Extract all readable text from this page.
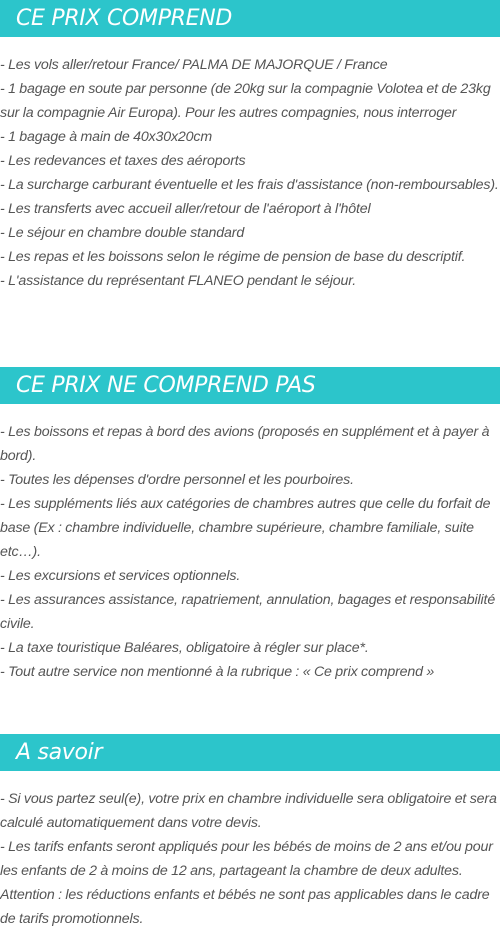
CE PRIX COMPREND

- Les vols aller/retour France/ PALMA DE MAJORQUE / France

- 1 bagage en soute par personne (de 20kg sur la compagnie Volotea et de 23kg sur la compagnie Air Europa). Pour les autres compagnies, nous interroger

- 1 bagage à main de 40x30x20cm

- Les redevances et taxes des aéroports

- La surcharge carburant éventuelle et les frais d'assistance (non-remboursables).

- Les transferts avec accueil aller/retour de l'aéroport à l'hôtel

- Le séjour en chambre double standard

- Les repas et les boissons selon le régime de pension de base du descriptif.

- L'assistance du représentant FLANEO pendant le séjour.

CE PRIX NE COMPREND PAS

- Les boissons et repas à bord des avions (proposés en supplément et à payer à bord).

- Toutes les dépenses d'ordre personnel et les pourboires.

- Les suppléments liés aux catégories de chambres autres que celle du forfait de base (Ex : chambre individuelle, chambre supérieure, chambre familiale, suite etc…).

- Les excursions et services optionnels.

- Les assurances assistance, rapatriement, annulation, bagages et responsabilité civile.

- La taxe touristique Baléares, obligatoire à régler sur place*.

- Tout autre service non mentionné à la rubrique : « Ce prix comprend »

A savoir

- Si vous partez seul(e), votre prix en chambre individuelle sera obligatoire et sera calculé automatiquement dans votre devis.

- Les tarifs enfants seront appliqués pour les bébés de moins de 2 ans et/ou pour les enfants de 2 à moins de 12 ans, partageant la chambre de deux adultes. Attention : les réductions enfants et bébés ne sont pas applicables dans le cadre de tarifs promotionnels.
